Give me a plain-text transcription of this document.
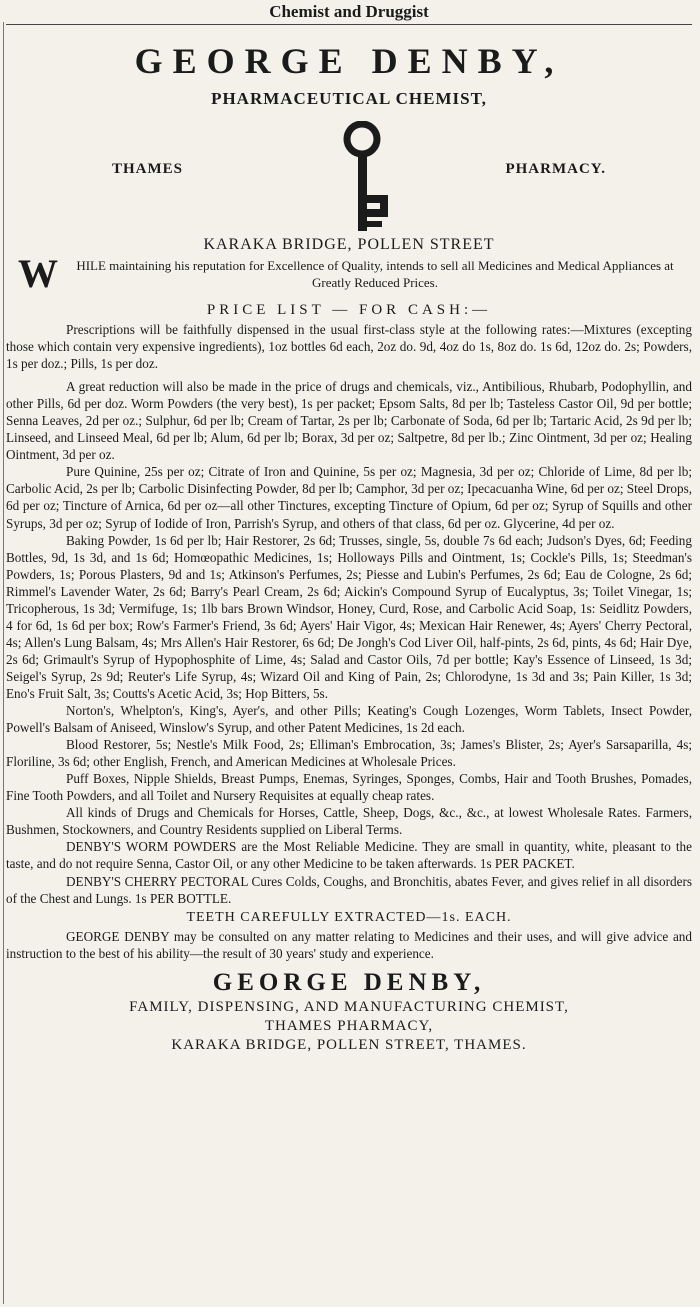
Chemist and Druggist
GEORGE DENBY,
PHARMACEUTICAL CHEMIST,
THAMES	PHARMACY.
KARAKA BRIDGE, POLLEN STREET
W	HILE maintaining his reputation for Excellence of Quality, intends to sell all Medicines and Medical Appliances at Greatly Reduced Prices.
PRICE LIST — FOR CASH:—

Prescriptions will be faithfully dispensed in the usual first-class style at the following rates:—Mixtures (excepting those which contain very expensive ingredients), 1oz bottles 6d each, 2oz do. 9d, 4oz do 1s, 8oz do. 1s 6d, 12oz do. 2s; Powders, 1s per doz.; Pills, 1s per doz.

A great reduction will also be made in the price of drugs and chemicals, viz., Antibilious, Rhubarb, Podophyllin, and other Pills, 6d per doz. Worm Powders (the very best), 1s per packet; Epsom Salts, 8d per lb; Tasteless Castor Oil, 9d per bottle; Senna Leaves, 2d per oz.; Sulphur, 6d per lb; Cream of Tartar, 2s per lb; Carbonate of Soda, 6d per lb; Tartaric Acid, 2s 9d per lb; Linseed, and Linseed Meal, 6d per lb; Alum, 6d per lb; Borax, 3d per oz; Saltpetre, 8d per lb.; Zinc Ointment, 3d per oz; Healing Ointment, 3d per oz.

Pure Quinine, 25s per oz; Citrate of Iron and Quinine, 5s per oz; Magnesia, 3d per oz; Chloride of Lime, 8d per lb; Carbolic Acid, 2s per lb; Carbolic Disinfecting Powder, 8d per lb; Camphor, 3d per oz; Ipecacuanha Wine, 6d per oz; Steel Drops, 6d per oz; Tincture of Arnica, 6d per oz—all other Tinctures, excepting Tincture of Opium, 6d per oz; Syrup of Squills and other Syrups, 3d per oz; Syrup of Iodide of Iron, Parrish's Syrup, and others of that class, 6d per oz. Glycerine, 4d per oz.

Baking Powder, 1s 6d per lb; Hair Restorer, 2s 6d; Trusses, single, 5s, double 7s 6d each; Judson's Dyes, 6d; Feeding Bottles, 9d, 1s 3d, and 1s 6d; Homœopathic Medicines, 1s; Holloways Pills and Ointment, 1s; Cockle's Pills, 1s; Steedman's Powders, 1s; Porous Plasters, 9d and 1s; Atkinson's Perfumes, 2s; Piesse and Lubin's Perfumes, 2s 6d; Eau de Cologne, 2s 6d; Rimmel's Lavender Water, 2s 6d; Barry's Pearl Cream, 2s 6d; Aickin's Compound Syrup of Eucalyptus, 3s; Toilet Vinegar, 1s; Tricopherous, 1s 3d; Vermifuge, 1s; 1lb bars Brown Windsor, Honey, Curd, Rose, and Carbolic Acid Soap, 1s: Seidlitz Powders, 4 for 6d, 1s 6d per box; Row's Farmer's Friend, 3s 6d; Ayers' Hair Vigor, 4s; Mexican Hair Renewer, 4s; Ayers' Cherry Pectoral, 4s; Allen's Lung Balsam, 4s; Mrs Allen's Hair Restorer, 6s 6d; De Jongh's Cod Liver Oil, half-pints, 2s 6d, pints, 4s 6d; Hair Dye, 2s 6d; Grimault's Syrup of Hypophosphite of Lime, 4s; Salad and Castor Oils, 7d per bottle; Kay's Essence of Linseed, 1s 3d; Seigel's Syrup, 2s 9d; Reuter's Life Syrup, 4s; Wizard Oil and King of Pain, 2s; Chlorodyne, 1s 3d and 3s; Pain Killer, 1s 3d; Eno's Fruit Salt, 3s; Coutts's Acetic Acid, 3s; Hop Bitters, 5s.

Norton's, Whelpton's, King's, Ayer's, and other Pills; Keating's Cough Lozenges, Worm Tablets, Insect Powder, Powell's Balsam of Aniseed, Winslow's Syrup, and other Patent Medicines, 1s 2d each.

Blood Restorer, 5s; Nestle's Milk Food, 2s; Elliman's Embrocation, 3s; James's Blister, 2s; Ayer's Sarsaparilla, 4s; Floriline, 3s 6d; other English, French, and American Medicines at Wholesale Prices.

Puff Boxes, Nipple Shields, Breast Pumps, Enemas, Syringes, Sponges, Combs, Hair and Tooth Brushes, Pomades, Fine Tooth Powders, and all Toilet and Nursery Requisites at equally cheap rates.

All kinds of Drugs and Chemicals for Horses, Cattle, Sheep, Dogs, &c., &c., at lowest Wholesale Rates. Farmers, Bushmen, Stockowners, and Country Residents supplied on Liberal Terms.

DENBY'S WORM POWDERS are the Most Reliable Medicine. They are small in quantity, white, pleasant to the taste, and do not require Senna, Castor Oil, or any other Medicine to be taken afterwards. 1s PER PACKET.

DENBY'S CHERRY PECTORAL Cures Colds, Coughs, and Bronchitis, abates Fever, and gives relief in all disorders of the Chest and Lungs. 1s PER BOTTLE.

TEETH CAREFULLY EXTRACTED—1s. EACH.

GEORGE DENBY may be consulted on any matter relating to Medicines and their uses, and will give advice and instruction to the best of his ability—the result of 30 years' study and experience.

GEORGE DENBY,
FAMILY, DISPENSING, AND MANUFACTURING CHEMIST,
THAMES PHARMACY,
KARAKA BRIDGE, POLLEN STREET, THAMES.
